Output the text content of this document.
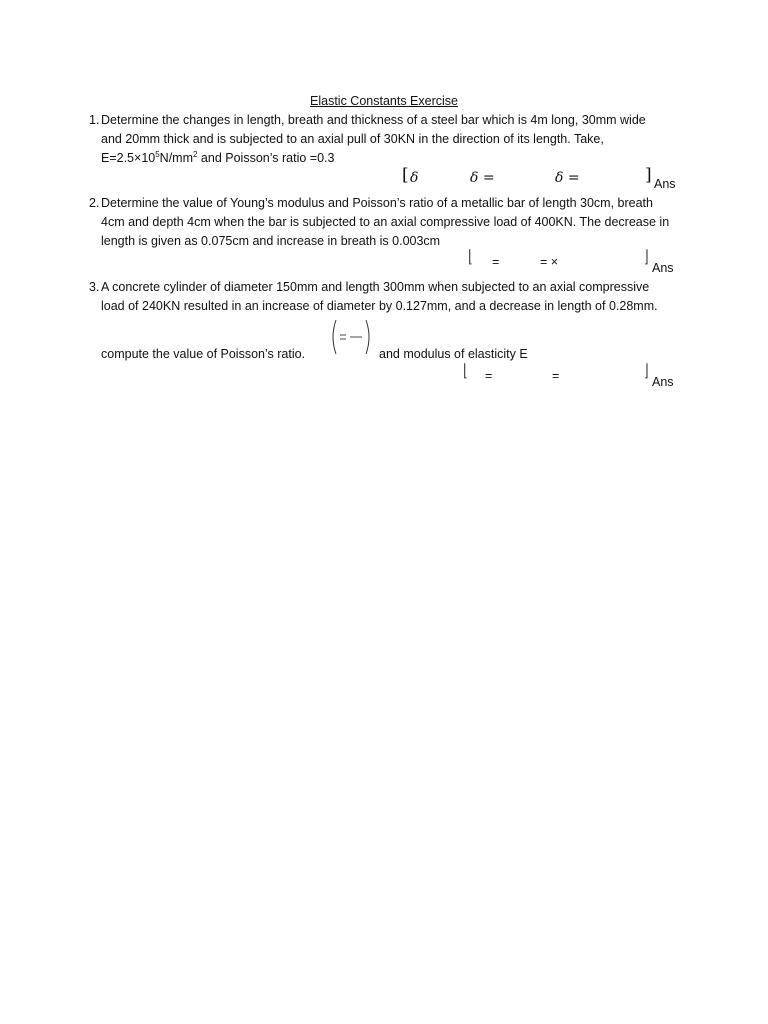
Elastic Constants Exercise
1. Determine the changes in length, breath and thickness of a steel bar which is 4m long, 30mm wide
and 20mm thick and is subjected to an axial pull of 30KN in the direction of its length. Take,
$E=2.5\times 10^5N/mm^2$ and Poisson’s ratio =0.3
[ δ	δ =	δ =	] Ans
2. Determine the value of Young’s modulus and Poisson’s ratio of a metallic bar of length 30cm, breath
4cm and depth 4cm when the bar is subjected to an axial compressive load of 400KN. The decrease in
length is given as 0.075cm and increase in breath is 0.003cm
⌊ =	= ×	⌋
Ans
3. A concrete cylinder of diameter 150mm and length 300mm when subjected to an axial compressive
load of 240KN resulted in an increase of diameter by 0.127mm, and a decrease in length of 0.28mm.
compute the value of Poisson’s ratio.	and modulus of elasticity E
⌊ =	=	⌋
Ans
